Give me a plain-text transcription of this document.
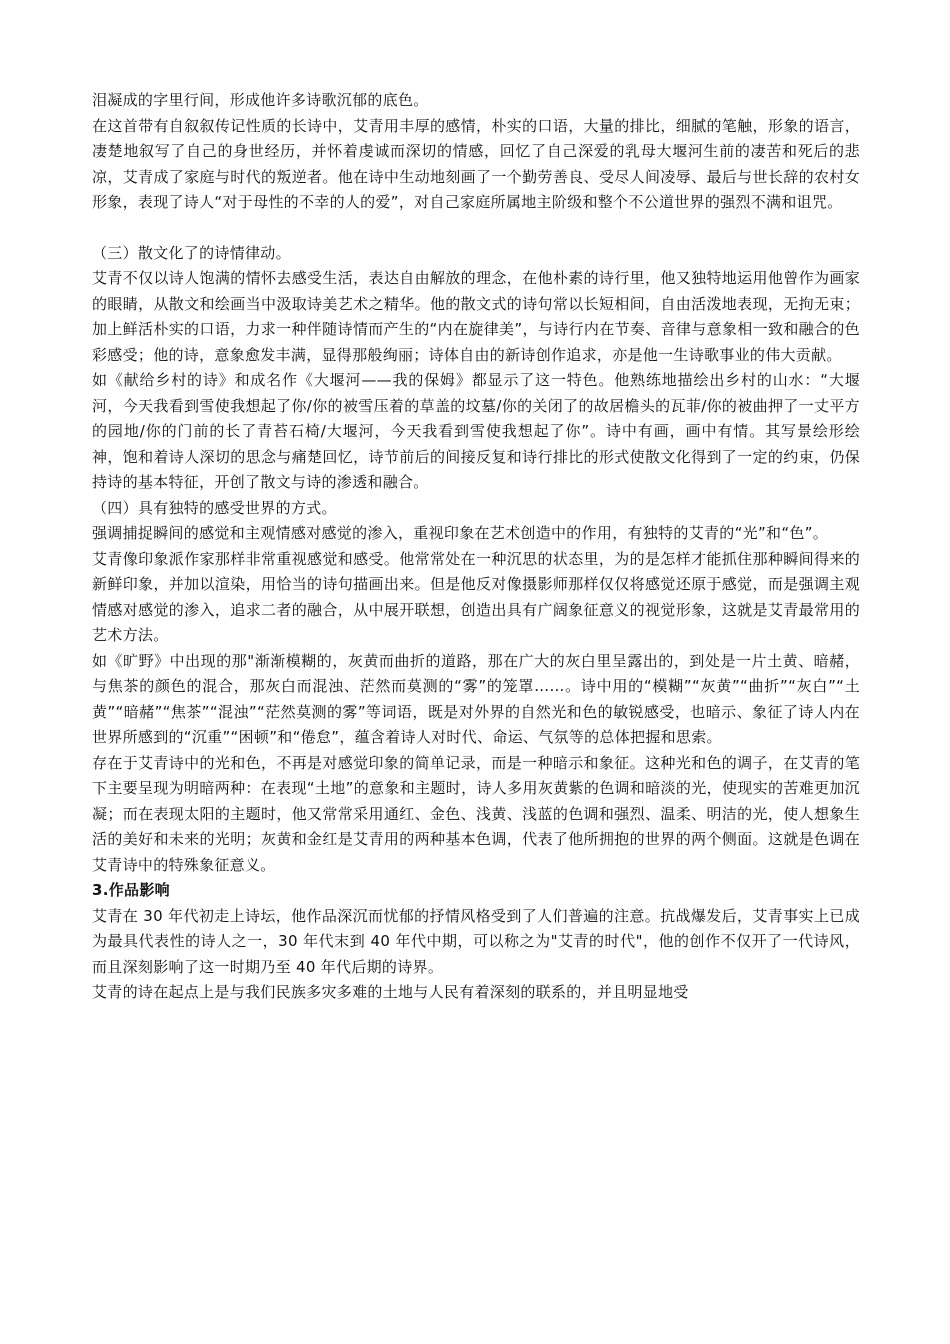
泪凝成的字里行间，形成他许多诗歌沉郁的底色。

在这首带有自叙叙传记性质的长诗中，艾青用丰厚的感情，朴实的口语，大量的排比，细腻的笔触，形象的语言，凄楚地叙写了自己的身世经历，并怀着虔诚而深切的情感，回忆了自己深爱的乳母大堰河生前的凄苦和死后的悲凉，艾青成了家庭与时代的叛逆者。他在诗中生动地刻画了一个勤劳善良、受尽人间凌辱、最后与世长辞的农村女形象，表现了诗人“对于母性的不幸的人的爱”，对自己家庭所属地主阶级和整个不公道世界的强烈不满和诅咒。

（三）散文化了的诗情律动。

艾青不仅以诗人饱满的情怀去感受生活，表达自由解放的理念，在他朴素的诗行里，他又独特地运用他曾作为画家的眼睛，从散文和绘画当中汲取诗美艺术之精华。他的散文式的诗句常以长短相间，自由活泼地表现，无拘无束；加上鲜活朴实的口语，力求一种伴随诗情而产生的“内在旋律美”，与诗行内在节奏、音律与意象相一致和融合的色彩感受；他的诗，意象愈发丰满，显得那般绚丽；诗体自由的新诗创作追求，亦是他一生诗歌事业的伟大贡献。

如《献给乡村的诗》和成名作《大堰河——我的保姆》都显示了这一特色。他熟练地描绘出乡村的山水：“大堰河，今天我看到雪使我想起了你/你的被雪压着的草盖的坟墓/你的关闭了的故居檐头的瓦菲/你的被曲押了一丈平方的园地/你的门前的长了青苔石椅/大堰河，今天我看到雪使我想起了你”。诗中有画，画中有情。其写景绘形绘神，饱和着诗人深切的思念与痛楚回忆，诗节前后的间接反复和诗行排比的形式使散文化得到了一定的约束，仍保持诗的基本特征，开创了散文与诗的渗透和融合。

（四）具有独特的感受世界的方式。

强调捕捉瞬间的感觉和主观情感对感觉的渗入，重视印象在艺术创造中的作用，有独特的艾青的“光”和“色”。

艾青像印象派作家那样非常重视感觉和感受。他常常处在一种沉思的状态里，为的是怎样才能抓住那种瞬间得来的新鲜印象，并加以渲染，用恰当的诗句描画出来。但是他反对像摄影师那样仅仅将感觉还原于感觉，而是强调主观情感对感觉的渗入，追求二者的融合，从中展开联想，创造出具有广阔象征意义的视觉形象，这就是艾青最常用的艺术方法。

如《旷野》中出现的那"渐渐模糊的，灰黄而曲折的道路，那在广大的灰白里呈露出的，到处是一片土黄、暗赭，与焦茶的颜色的混合，那灰白而混浊、茫然而莫测的“雾”的笼罩……。诗中用的“模糊”“灰黄”“曲折”“灰白”“土黄”“暗赭”“焦茶”“混浊”“茫然莫测的雾”等词语，既是对外界的自然光和色的敏锐感受，也暗示、象征了诗人内在世界所感到的“沉重”“困顿”和“倦怠”，蕴含着诗人对时代、命运、气氛等的总体把握和思索。

存在于艾青诗中的光和色，不再是对感觉印象的简单记录，而是一种暗示和象征。这种光和色的调子，在艾青的笔下主要呈现为明暗两种：在表现“土地”的意象和主题时，诗人多用灰黄紫的色调和暗淡的光，使现实的苦难更加沉凝；而在表现太阳的主题时，他又常常采用通红、金色、浅黄、浅蓝的色调和强烈、温柔、明洁的光，使人想象生活的美好和未来的光明；灰黄和金红是艾青用的两种基本色调，代表了他所拥抱的世界的两个侧面。这就是色调在艾青诗中的特殊象征意义。

3.作品影响

艾青在 30 年代初走上诗坛，他作品深沉而忧郁的抒情风格受到了人们普遍的注意。抗战爆发后，艾青事实上已成为最具代表性的诗人之一，30 年代末到 40 年代中期，可以称之为"艾青的时代"，他的创作不仅开了一代诗风，而且深刻影响了这一时期乃至 40 年代后期的诗界。

艾青的诗在起点上是与我们民族多灾多难的土地与人民有着深刻的联系的，并且明显地受
